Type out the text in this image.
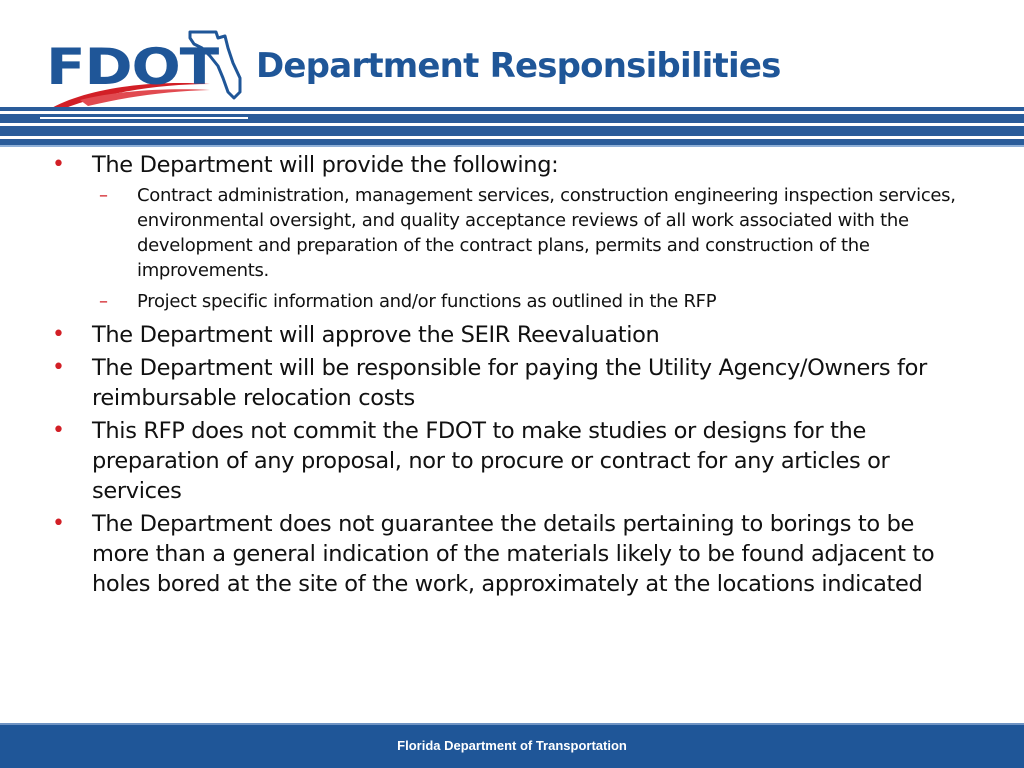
FDOT Department Responsibilities
• The Department will provide the following:
– Contract administration, management services, construction engineering inspection services, environmental oversight, and quality acceptance reviews of all work associated with the development and preparation of the contract plans, permits and construction of the improvements.
– Project specific information and/or functions as outlined in the RFP
• The Department will approve the SEIR Reevaluation
• The Department will be responsible for paying the Utility Agency/Owners for reimbursable relocation costs
• This RFP does not commit the FDOT to make studies or designs for the preparation of any proposal, nor to procure or contract for any articles or services
• The Department does not guarantee the details pertaining to borings to be more than a general indication of the materials likely to be found adjacent to holes bored at the site of the work, approximately at the locations indicated
Florida Department of Transportation
